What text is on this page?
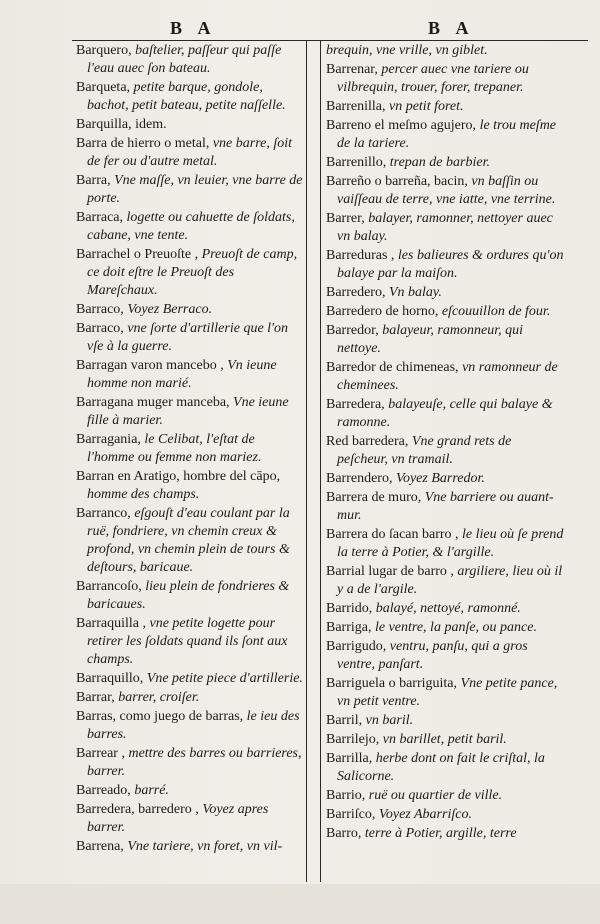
B A	B A
Barquero, baſtelier, paſſeur qui paſſe l'eau auec ſon bateau.
Barqueta, petite barque, gondole, bachot, petit bateau, petite naſſelle.
Barquilla, idem.
Barra de hierro o metal, vne barre, ſoit de fer ou d'autre metal.
Barra, Vne maſſe, vn leuier, vne barre de porte.
Barraca, logette ou cahuette de ſoldats, cabane, vne tente.
Barrachel o Preuoſte , Preuoſt de camp, ce doit eſtre le Preuoſt des Mareſchaux.
Barraco, Voyez Berraco.
Barraco, vne ſorte d'artillerie que l'on vſe à la guerre.
Barragan varon mancebo , Vn ieune homme non marié.
Barragana muger manceba, Vne ieune fille à marier.
Barragania, le Celibat, l'eſtat de l'homme ou femme non mariez.
Barran en Aratigo, hombre del cāpo, homme des champs.
Barranco, eſgouſt d'eau coulant par la ruë, fondriere, vn chemin creux & profond, vn chemin plein de tours & deſtours, baricaue.
Barrancoſo, lieu plein de fondrieres & baricaues.
Barraquilla , vne petite logette pour retirer les ſoldats quand ils ſont aux champs.
Barraquillo, Vne petite piece d'artillerie.
Barrar, barrer, croiſer.
Barras, como juego de barras, le ieu des barres.
Barrear , mettre des barres ou barrieres, barrer.
Barreado, barré.
Barredera, barredero , Voyez apres barrer.
Barrena, Vne tariere, vn foret, vn vil-
brequin, vne vrille, vn giblet.
Barrenar, percer auec vne tariere ou vilbrequin, trouer, forer, trepaner.
Barrenilla, vn petit foret.
Barreno el meſmo agujero, le trou meſme de la tariere.
Barrenillo, trepan de barbier.
Barreño o barreña, bacin, vn baſſin ou vaiſſeau de terre, vne iatte, vne terrine.
Barrer, balayer, ramonner, nettoyer auec vn balay.
Barreduras , les balieures & ordures qu'on balaye par la maiſon.
Barredero, Vn balay.
Barredero de horno, eſcouuillon de four.
Barredor, balayeur, ramonneur, qui nettoye.
Barredor de chimeneas, vn ramonneur de cheminees.
Barredera, balayeuſe, celle qui balaye & ramonne.
Red barredera, Vne grand rets de peſcheur, vn tramail.
Barrendero, Voyez Barredor.
Barrera de muro, Vne barriere ou auant-mur.
Barrera do ſacan barro , le lieu où ſe prend la terre à Potier, & l'argille.
Barrial lugar de barro , argiliere, lieu où il y a de l'argile.
Barrido, balayé, nettoyé, ramonné.
Barriga, le ventre, la panſe, ou pance.
Barrigudo, ventru, panſu, qui a gros ventre, panſart.
Barriguela o barriguita, Vne petite pance, vn petit ventre.
Barril, vn baril.
Barrilejo, vn barillet, petit baril.
Barrilla, herbe dont on fait le criſtal, la Salicorne.
Barrio, ruë ou quartier de ville.
Barriſco, Voyez Abarriſco.
Barro, terre à Potier, argille, terre
